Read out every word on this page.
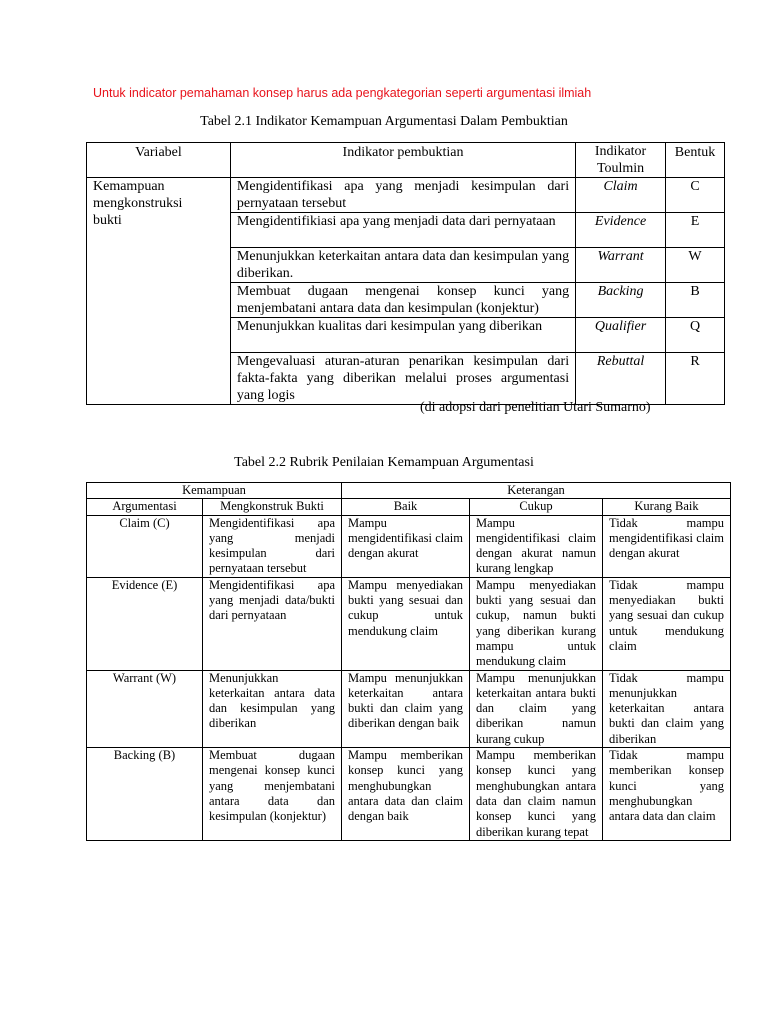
Untuk indicator pemahaman konsep harus ada pengkategorian seperti argumentasi ilmiah
Tabel 2.1 Indikator Kemampuan Argumentasi Dalam Pembuktian
Variabel	Indikator pembuktian	Indikator Toulmin	Bentuk
Kemampuan mengkonstruksi bukti	Mengidentifikasi apa yang menjadi kesimpulan dari pernyataan tersebut	Claim	C
	Mengidentifikiasi apa yang menjadi data dari pernyataan	Evidence	E
	Menunjukkan keterkaitan antara data dan kesimpulan yang diberikan.	Warrant	W
	Membuat dugaan mengenai konsep kunci yang menjembatani antara data dan kesimpulan (konjektur)	Backing	B
	Menunjukkan kualitas dari kesimpulan yang diberikan	Qualifier	Q
	Mengevaluasi aturan-aturan penarikan kesimpulan dari fakta-fakta yang diberikan melalui proses argumentasi yang logis	Rebuttal	R
(di adopsi dari penelitian Utari Sumarno)
Tabel 2.2 Rubrik Penilaian Kemampuan Argumentasi
Kemampuan		Keterangan		
Argumentasi	Mengkonstruk Bukti	Baik	Cukup	Kurang Baik
Claim (C)	Mengidentifikasi apa yang menjadi kesimpulan dari pernyataan tersebut	Mampu mengidentifikasi claim dengan akurat	Mampu mengidentifikasi claim dengan akurat namun kurang lengkap	Tidak mampu mengidentifikasi claim dengan akurat
Evidence (E)	Mengidentifikasi apa yang menjadi data/bukti dari pernyataan	Mampu menyediakan bukti yang sesuai dan cukup untuk mendukung claim	Mampu menyediakan bukti yang sesuai dan cukup, namun bukti yang diberikan kurang mampu untuk mendukung claim	Tidak mampu menyediakan bukti yang sesuai dan cukup untuk mendukung claim
Warrant (W)	Menunjukkan keterkaitan antara data dan kesimpulan yang diberikan	Mampu menunjukkan keterkaitan antara bukti dan claim yang diberikan dengan baik	Mampu menunjukkan keterkaitan antara bukti dan claim yang diberikan namun kurang cukup	Tidak mampu menunjukkan keterkaitan antara bukti dan claim yang diberikan
Backing (B)	Membuat dugaan mengenai konsep kunci yang menjembatani antara data dan kesimpulan (konjektur)	Mampu memberikan konsep kunci yang menghubungkan antara data dan claim dengan baik	Mampu memberikan konsep kunci yang menghubungkan antara data dan claim namun konsep kunci yang diberikan kurang tepat	Tidak mampu memberikan konsep kunci yang menghubungkan antara data dan claim
